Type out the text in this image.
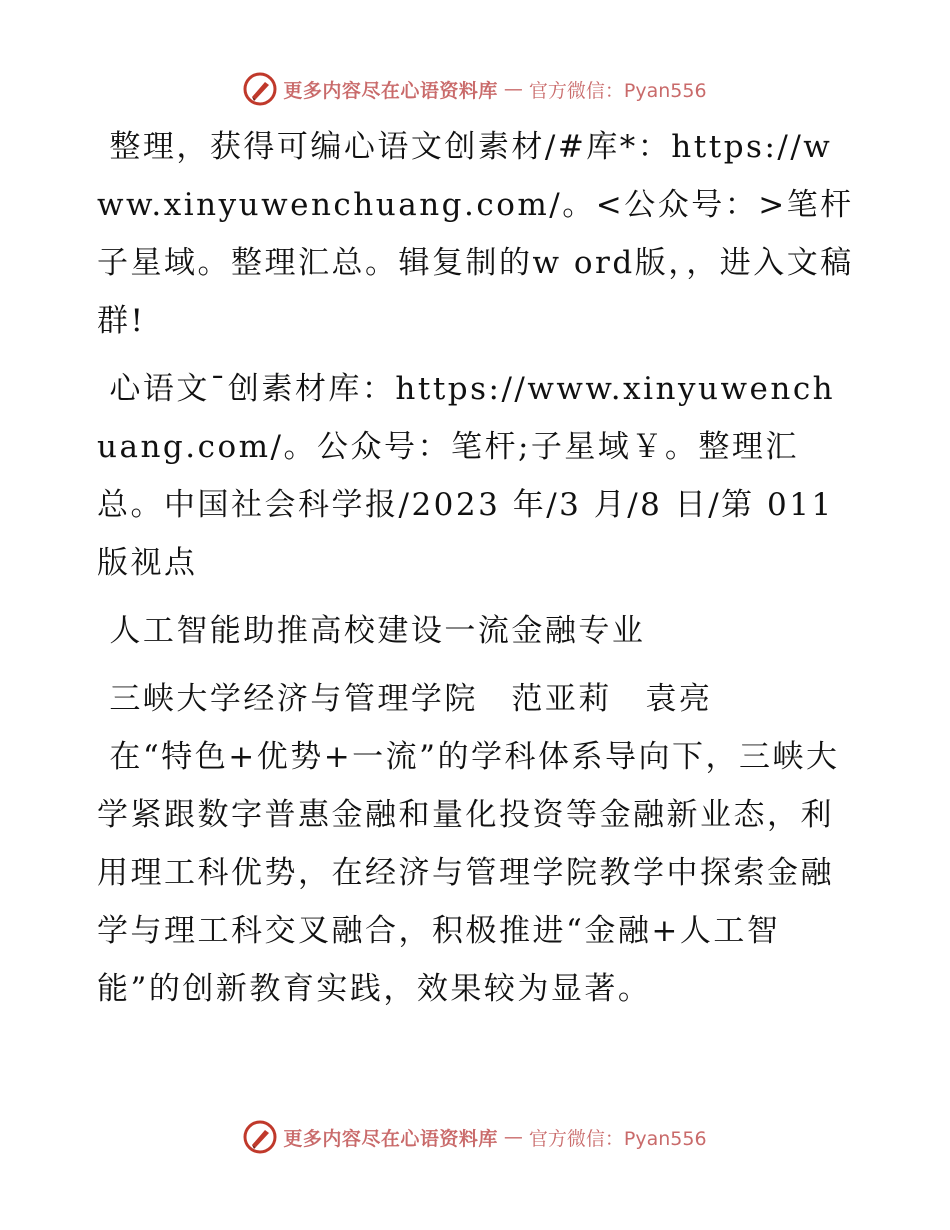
更多内容尽在心语资料库 — 官方微信：Pyan556

整理，获得可编心语文创素材/#库*：https://www.xinyuwenchuang.com/。<公众号：>笔杆子星域。整理汇总。辑复制的w ord版，，进入文稿群!

心语文¯创素材库：https://www.xinyuwenchuang.com/。公众号：笔杆;子星域￥。整理汇总。中国社会科学报/2023 年/3 月/8 日/第 011 版视点

人工智能助推高校建设一流金融专业

三峡大学经济与管理学院　范亚莉　袁亮

在“特色+优势+一流”的学科体系导向下，三峡大学紧跟数字普惠金融和量化投资等金融新业态，利用理工科优势，在经济与管理学院教学中探索金融学与理工科交叉融合，积极推进“金融+人工智能”的创新教育实践，效果较为显著。

更多内容尽在心语资料库 — 官方微信：Pyan556
